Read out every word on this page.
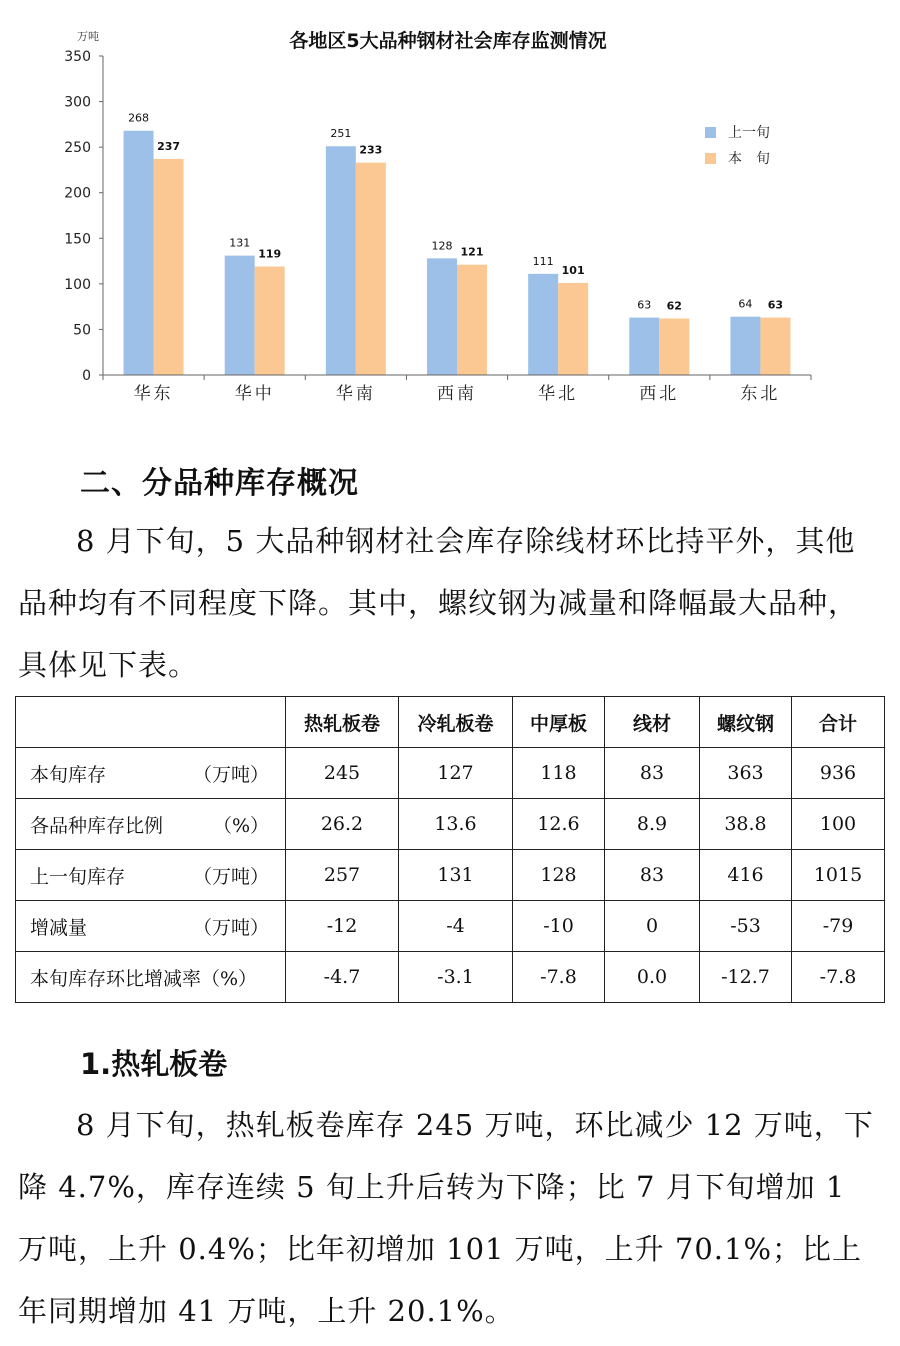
各地区5大品种钢材社会库存监测情况
万吨
0
50
100
150
200
250
300
350
268
131
251
128
111
63	64
237
119
233
121
101
62	63
华东	华中	华南	西南	华北	西北	东北
上一旬
本　旬
二、分品种库存概况

8 月下旬，5 大品种钢材社会库存除线材环比持平外，其他品种均有不同程度下降。其中，螺纹钢为减量和降幅最大品种，具体见下表。

	热轧板卷	冷轧板卷	中厚板	线材	螺纹钢	合计
本旬库存 （万吨）	245	127	118	83	363	936
各品种库存比例 （%）	26.2	13.6	12.6	8.9	38.8	100
上一旬库存 （万吨）	257	131	128	83	416	1015
增减量 （万吨）	-12	-4	-10	0	-53	-79
本旬库存环比增减率（%）	-4.7	-3.1	-7.8	0.0	-12.7	-7.8
1.热轧板卷

8 月下旬，热轧板卷库存 245 万吨，环比减少 12 万吨，下降 4.7%，库存连续 5 旬上升后转为下降；比 7 月下旬增加 1 万吨，上升 0.4%；比年初增加 101 万吨，上升 70.1%；比上年同期增加 41 万吨，上升 20.1%。
